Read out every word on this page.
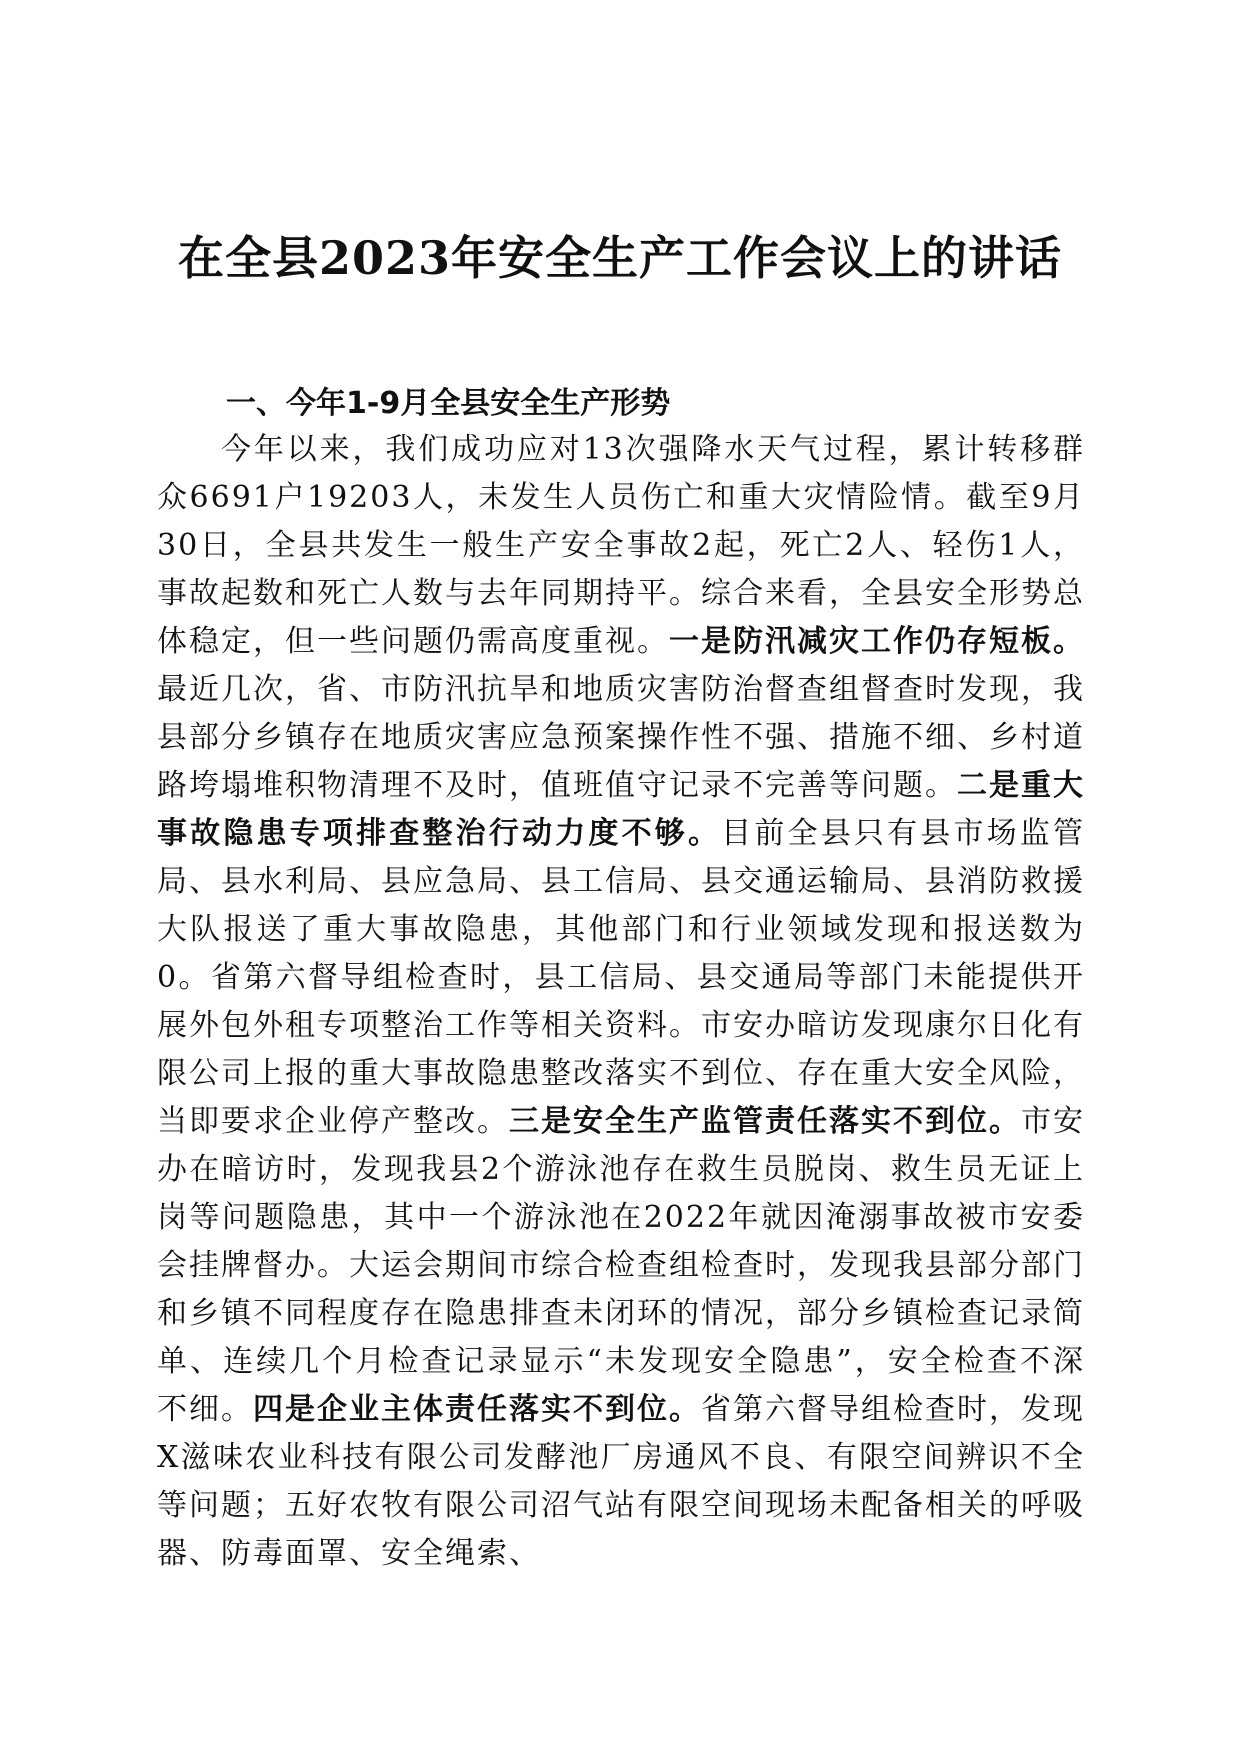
在全县2023年安全生产工作会议上的讲话
一、今年1-9月全县安全生产形势

今年以来，我们成功应对13次强降水天气过程，累计转移群众6691户19203人，未发生人员伤亡和重大灾情险情。截至9月30日，全县共发生一般生产安全事故2起，死亡2人、轻伤1人，事故起数和死亡人数与去年同期持平。综合来看，全县安全形势总体稳定，但一些问题仍需高度重视。一是防汛减灾工作仍存短板。最近几次，省、市防汛抗旱和地质灾害防治督查组督查时发现，我县部分乡镇存在地质灾害应急预案操作性不强、措施不细、乡村道路垮塌堆积物清理不及时，值班值守记录不完善等问题。二是重大事故隐患专项排查整治行动力度不够。目前全县只有县市场监管局、县水利局、县应急局、县工信局、县交通运输局、县消防救援大队报送了重大事故隐患，其他部门和行业领域发现和报送数为0。省第六督导组检查时，县工信局、县交通局等部门未能提供开展外包外租专项整治工作等相关资料。市安办暗访发现康尔日化有限公司上报的重大事故隐患整改落实不到位、存在重大安全风险，当即要求企业停产整改。三是安全生产监管责任落实不到位。市安办在暗访时，发现我县2个游泳池存在救生员脱岗、救生员无证上岗等问题隐患，其中一个游泳池在2022年就因淹溺事故被市安委会挂牌督办。大运会期间市综合检查组检查时，发现我县部分部门和乡镇不同程度存在隐患排查未闭环的情况，部分乡镇检查记录简单、连续几个月检查记录显示“未发现安全隐患”，安全检查不深不细。四是企业主体责任落实不到位。省第六督导组检查时，发现X滋味农业科技有限公司发酵池厂房通风不良、有限空间辨识不全等问题；五好农牧有限公司沼气站有限空间现场未配备相关的呼吸器、防毒面罩、安全绳索、
